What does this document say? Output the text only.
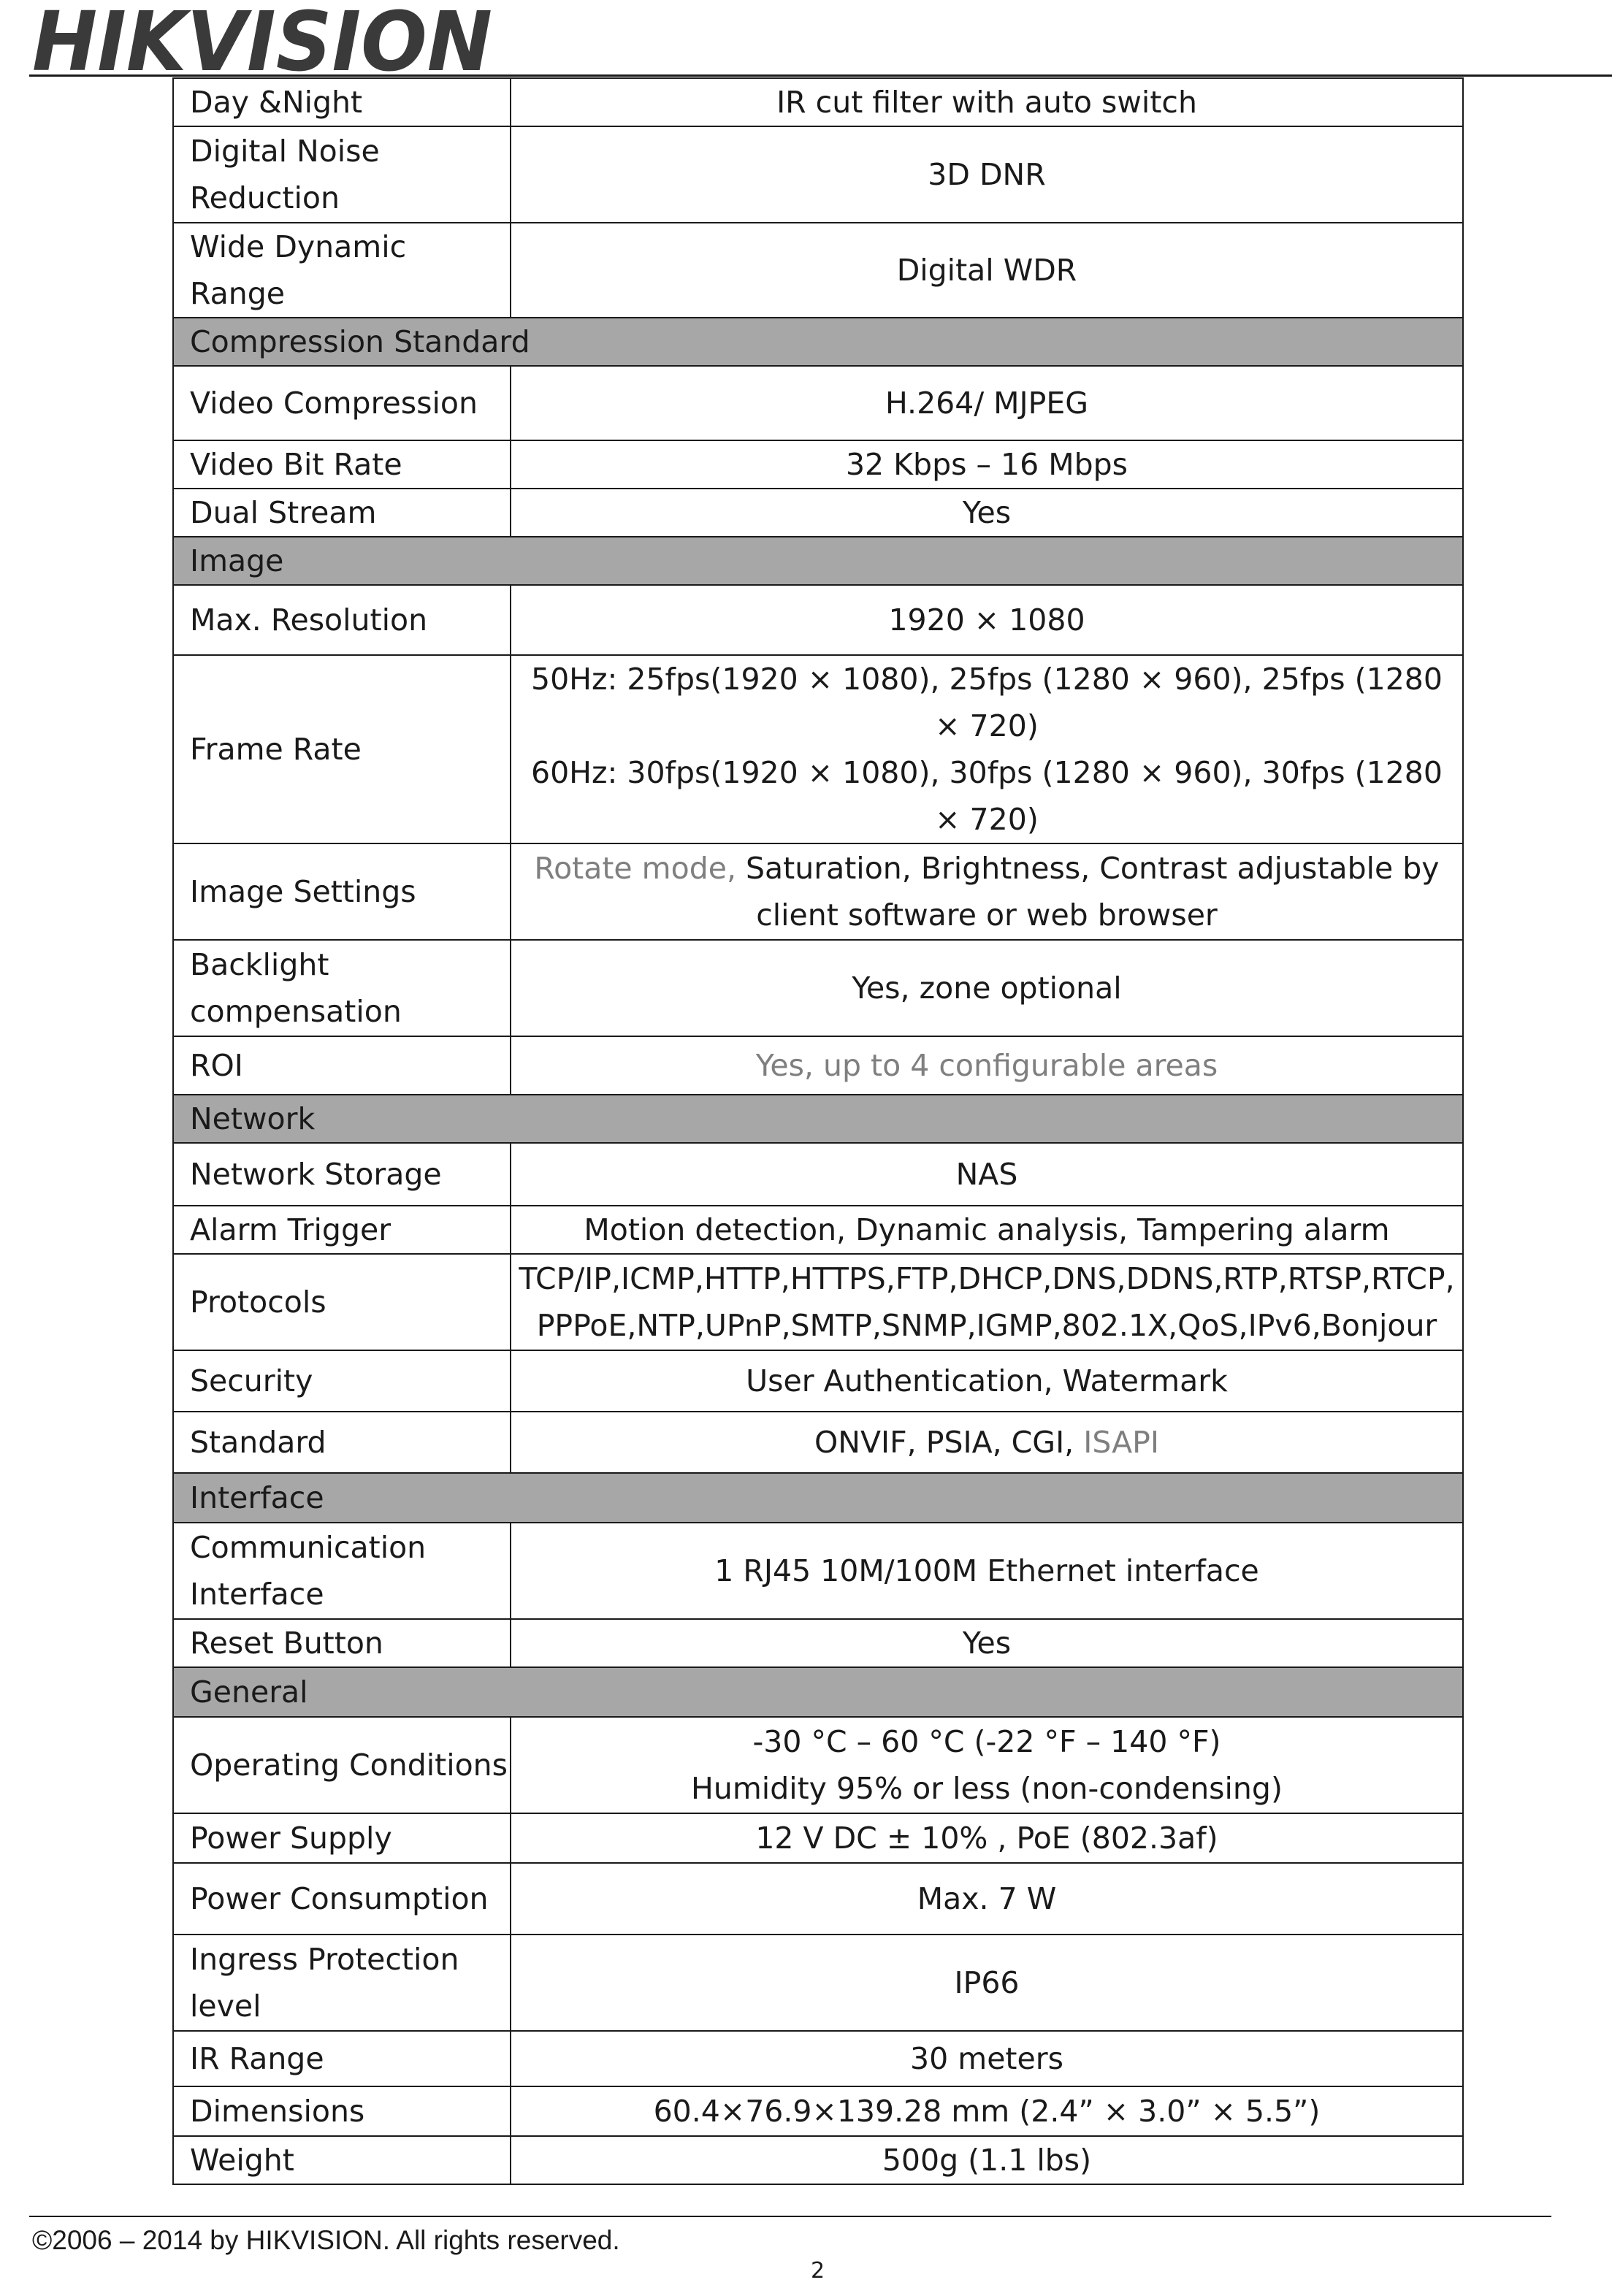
HIKVISION
Day &Night	IR cut filter with auto switch
Digital Noise Reduction	3D DNR
Wide Dynamic Range	Digital WDR
Compression Standard	
Video Compression	H.264/ MJPEG
Video Bit Rate	32 Kbps – 16 Mbps
Dual Stream	Yes
Image	
Max. Resolution	1920 × 1080
Frame Rate	50Hz: 25fps(1920 × 1080), 25fps (1280 × 960), 25fps (1280 × 720)
60Hz: 30fps(1920 × 1080), 30fps (1280 × 960), 30fps (1280 × 720)

Image Settings	Rotate mode, Saturation, Brightness, Contrast adjustable by client software or web browser
Backlight compensation	Yes, zone optional
ROI	Yes, up to 4 configurable areas
Network	
Network Storage	NAS
Alarm Trigger	Motion detection, Dynamic analysis, Tampering alarm
Protocols	TCP/IP,ICMP,HTTP,HTTPS,FTP,DHCP,DNS,DDNS,RTP,RTSP,RTCP,
PPPoE,NTP,UPnP,SMTP,SNMP,IGMP,802.1X,QoS,IPv6,Bonjour

Security	User Authentication, Watermark
Standard	ONVIF, PSIA, CGI, ISAPI
Interface	
Communication Interface	1 RJ45 10M/100M Ethernet interface
Reset Button	Yes
General	
Operating Conditions	-30 °C – 60 °C (-22 °F – 140 °F)
Humidity 95% or less (non-condensing)

Power Supply	12 V DC ± 10% , PoE (802.3af)
Power Consumption	Max. 7 W
Ingress Protection level	IP66
IR Range	30 meters
Dimensions	60.4×76.9×139.28 mm (2.4” × 3.0” × 5.5”)
Weight	500g (1.1 lbs)
©2006 – 2014 by HIKVISION. All rights reserved.
2
